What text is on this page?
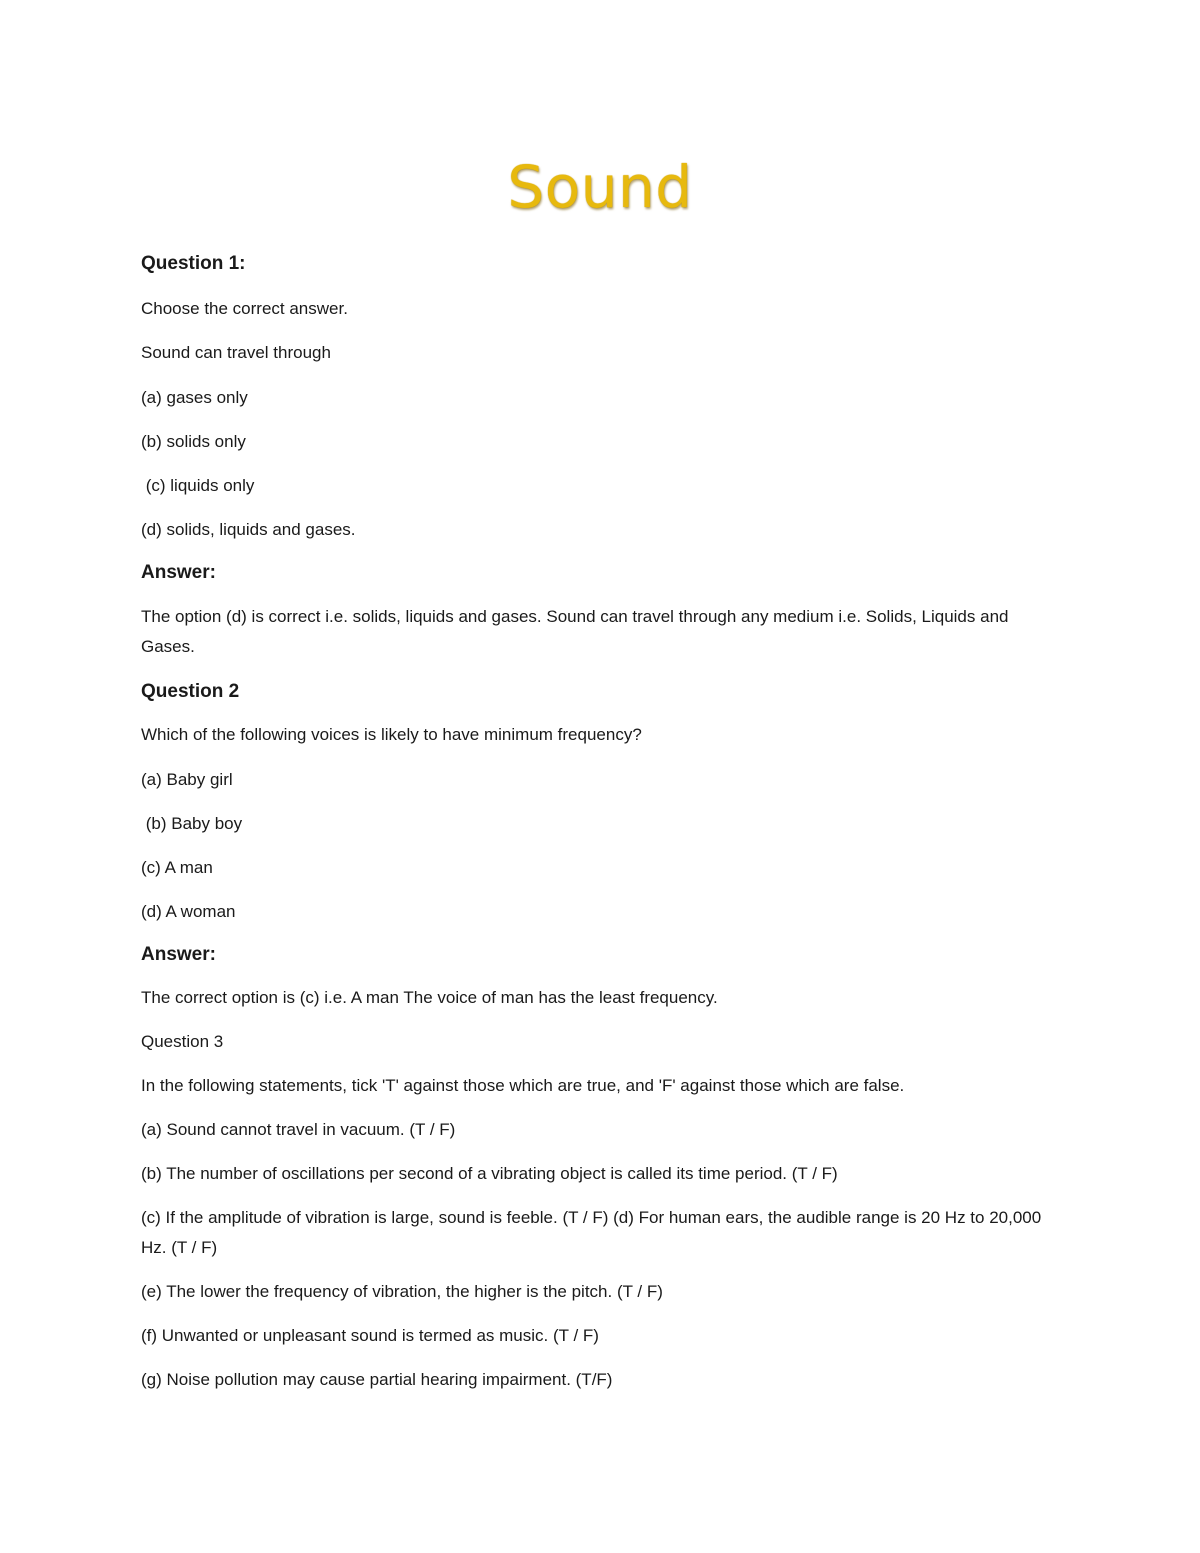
Sound

Question 1:

Choose the correct answer.

Sound can travel through

(a) gases only

(b) solids only

(c) liquids only

(d) solids, liquids and gases.

Answer:

The option (d) is correct i.e. solids, liquids and gases. Sound can travel through any medium i.e. Solids, Liquids and Gases.

Question 2

Which of the following voices is likely to have minimum frequency?

(a) Baby girl

(b) Baby boy

(c) A man

(d) A woman

Answer:

The correct option is (c) i.e. A man The voice of man has the least frequency.

Question 3

In the following statements, tick 'T' against those which are true, and 'F' against those which are false.

(a) Sound cannot travel in vacuum. (T / F)

(b) The number of oscillations per second of a vibrating object is called its time period. (T / F)

(c) If the amplitude of vibration is large, sound is feeble. (T / F) (d) For human ears, the audible range is 20 Hz to 20,000 Hz. (T / F)

(e) The lower the frequency of vibration, the higher is the pitch. (T / F)

(f) Unwanted or unpleasant sound is termed as music. (T / F)

(g) Noise pollution may cause partial hearing impairment. (T/F)
